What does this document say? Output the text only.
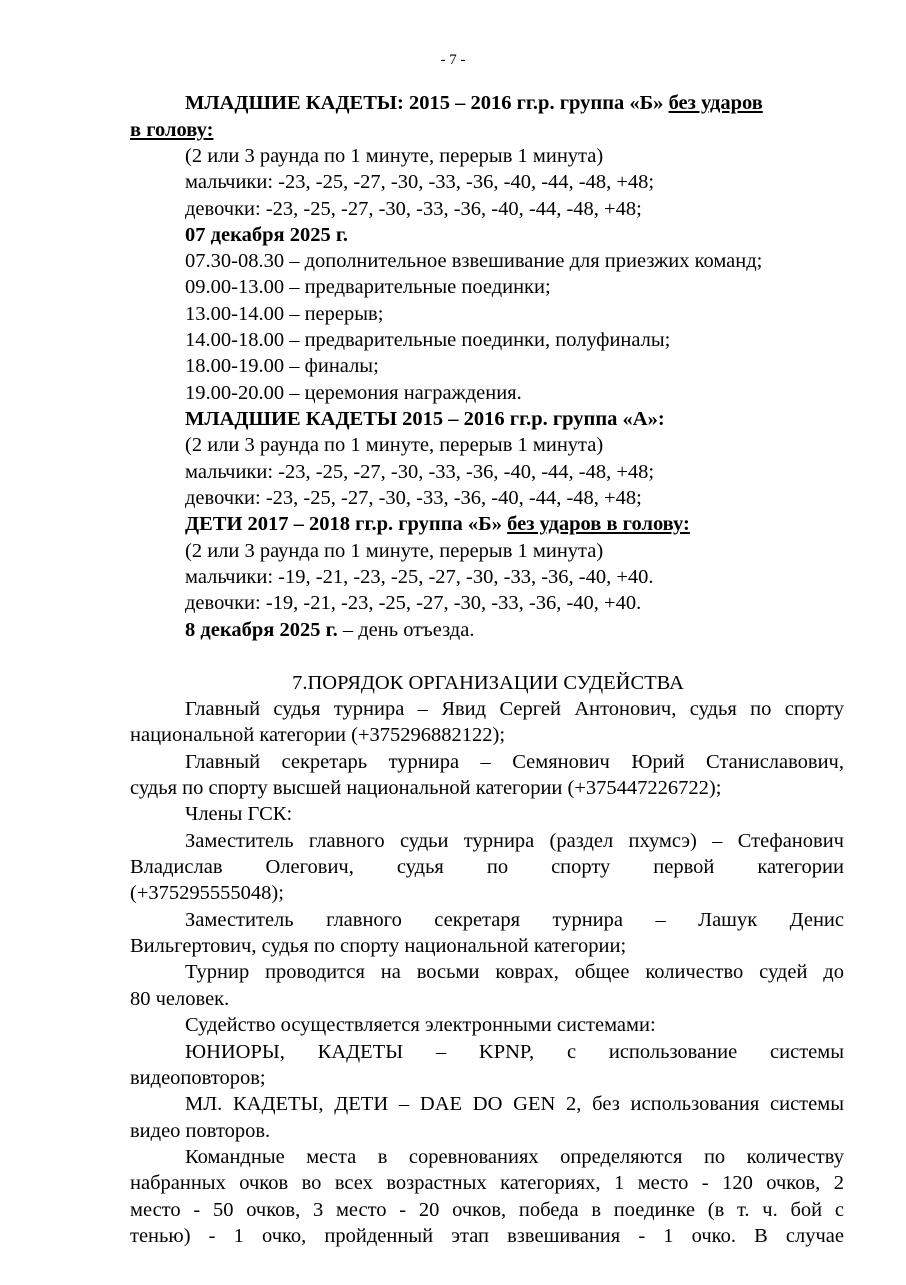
- 7 -
МЛАДШИЕ КАДЕТЫ: 2015 – 2016 гг.р. группа «Б» без ударов
в голову:
(2 или 3 раунда по 1 минуте, перерыв 1 минута)
мальчики: -23, -25, -27, -30, -33, -36, -40, -44, -48, +48;
девочки: -23, -25, -27, -30, -33, -36, -40, -44, -48, +48;
07 декабря 2025 г.
07.30-08.30 – дополнительное взвешивание для приезжих команд;
09.00-13.00 – предварительные поединки;
13.00-14.00 – перерыв;
14.00-18.00 – предварительные поединки, полуфиналы;
18.00-19.00 – финалы;
19.00-20.00 – церемония награждения.
МЛАДШИЕ КАДЕТЫ 2015 – 2016 гг.р. группа «А»:
(2 или 3 раунда по 1 минуте, перерыв 1 минута)
мальчики: -23, -25, -27, -30, -33, -36, -40, -44, -48, +48;
девочки: -23, -25, -27, -30, -33, -36, -40, -44, -48, +48;
ДЕТИ 2017 – 2018 гг.р. группа «Б» без ударов в голову:
(2 или 3 раунда по 1 минуте, перерыв 1 минута)
мальчики: -19, -21, -23, -25, -27, -30, -33, -36, -40, +40.
девочки: -19, -21, -23, -25, -27, -30, -33, -36, -40, +40.
8 декабря 2025 г. – день отъезда.
7.ПОРЯДОК ОРГАНИЗАЦИИ СУДЕЙСТВА
Главный судья турнира – Явид Сергей Антонович, судья по спорту
национальной категории (+375296882122);
Главный секретарь турнира – Семянович Юрий Станиславович,
судья по спорту высшей национальной категории (+375447226722);
Члены ГСК:
Заместитель главного судьи турнира (раздел пхумсэ) – Стефанович
Владислав Олегович, судья по спорту первой категории
(+375295555048);
Заместитель главного секретаря турнира – Лашук Денис
Вильгертович, судья по спорту национальной категории;
Турнир проводится на восьми коврах, общее количество судей до
80 человек.
Судейство осуществляется электронными системами:
ЮНИОРЫ, КАДЕТЫ – KPNP, с использование системы
видеоповторов;
МЛ. КАДЕТЫ, ДЕТИ – DAE DO GEN 2, без использования системы
видео повторов.
Командные места в соревнованиях определяются по количеству
набранных очков во всех возрастных категориях, 1 место - 120 очков, 2
место - 50 очков, 3 место - 20 очков, победа в поединке (в т. ч. бой с
тенью) - 1 очко, пройденный этап взвешивания - 1 очко. В случае
